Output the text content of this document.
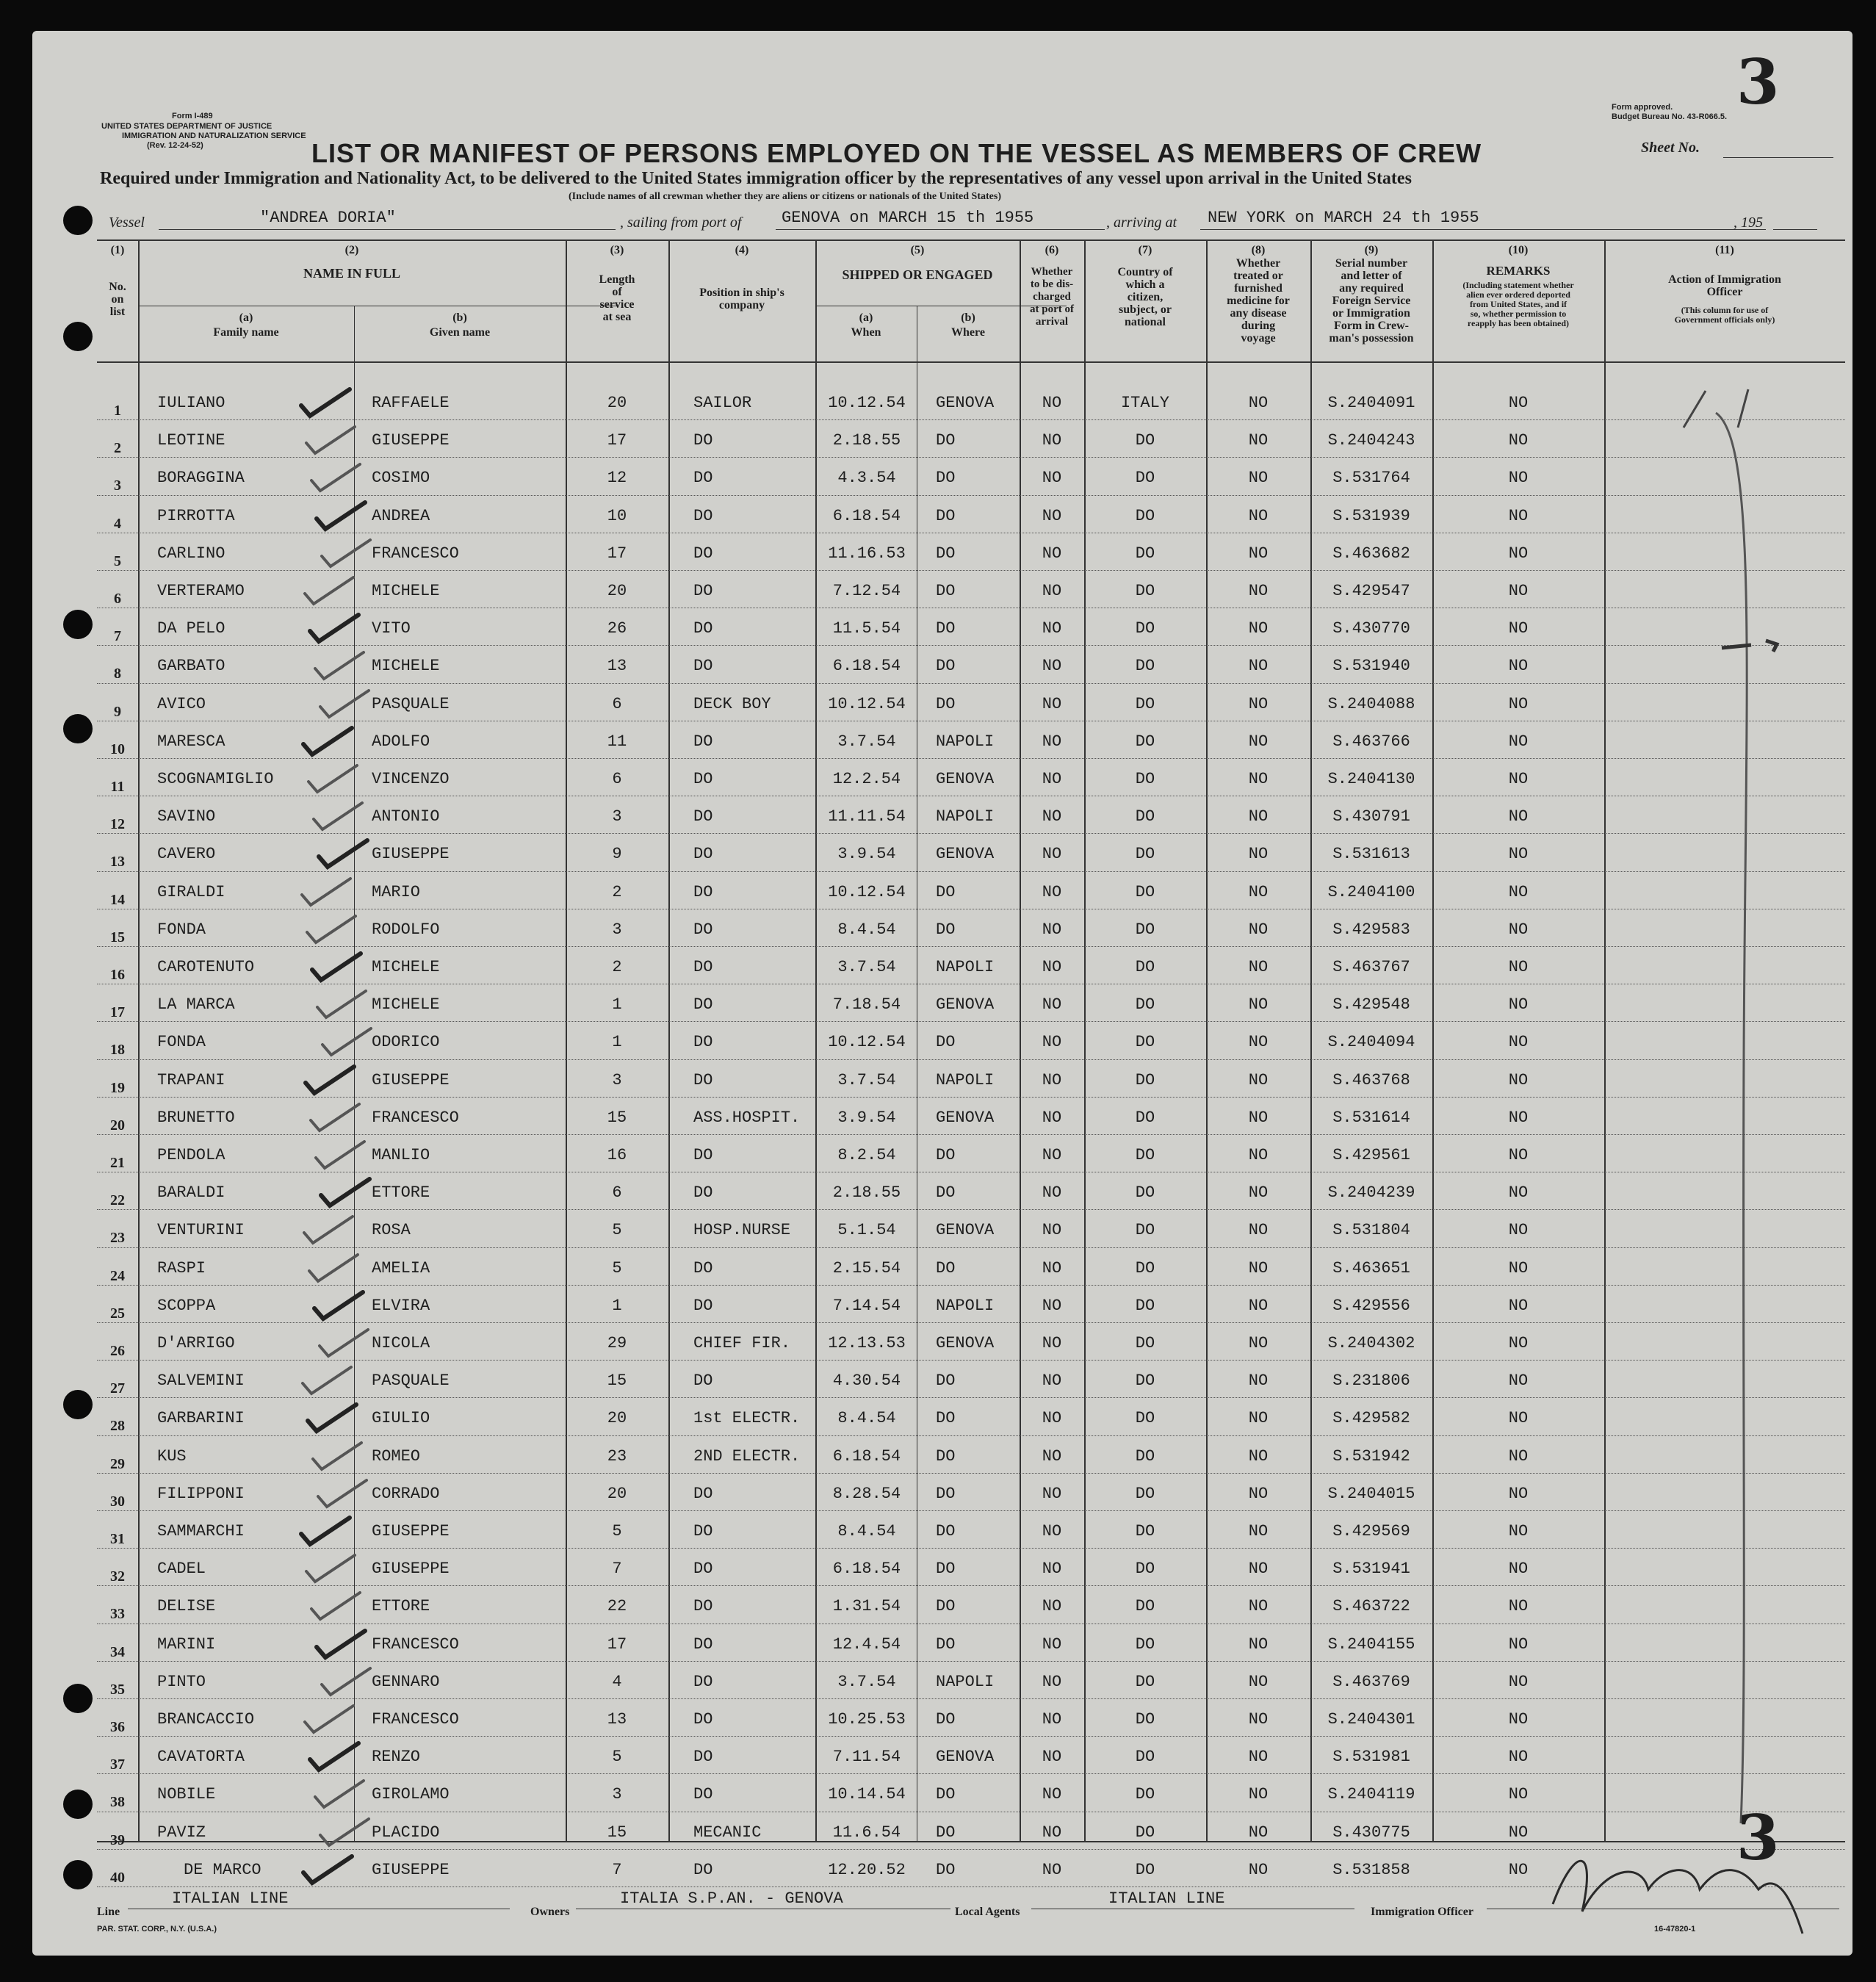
Form I-489
UNITED STATES DEPARTMENT OF JUSTICE
IMMIGRATION AND NATURALIZATION SERVICE
(Rev. 12-24-52)
Form approved.
Budget Bureau No. 43-R066.5. 3
LIST OR MANIFEST OF PERSONS EMPLOYED ON THE VESSEL AS MEMBERS OF CREW	Sheet No.
Required under Immigration and Nationality Act, to be delivered to the United States immigration officer by the representatives of any vessel upon arrival in the United States
(Include names of all crewman whether they are aliens or citizens or nationals of the United States)
Vessel	"ANDREA DORIA"	, sailing from port of GENOVA on MARCH 15 th 1955	, arriving at NEW YORK on MARCH 24 th 1955	, 195
(1)
No.
on
list
(2)
NAME IN FULL
(a)
Family name
(b)
Given name
(3)
Length
of
service
at sea
(4)
Position in ship's
company
(5)
SHIPPED OR ENGAGED
(a)
When
(b)
Where
(6)
Whether
to be dis-
charged
at port of
arrival
(7)
Country of
which a
citizen,
subject, or
national
(8)
Whether
treated or
furnished
medicine for
any disease
during
voyage
(9)
Serial number
and letter of
any required
Foreign Service
or Immigration
Form in Crew-
man's possession
(10)
REMARKS
(Including statement whether
alien ever ordered deported
from United States, and if
so, whether permission to
reapply has been obtained)
(11)
Action of Immigration
Officer
(This column for use of
Government officials only)
1	IULIANO	RAFFAELE	20	SAILOR	10.12.54	GENOVA	NO	ITALY	NO	S.2404091	NO
2	LEOTINE	GIUSEPPE	17	DO	2.18.55	DO	NO	DO	NO	S.2404243	NO
3	BORAGGINA	COSIMO	12	DO	4.3.54	DO	NO	DO	NO	S.531764	NO
4	PIRROTTA	ANDREA	10	DO	6.18.54	DO	NO	DO	NO	S.531939	NO
5	CARLINO	FRANCESCO	17	DO	11.16.53	DO	NO	DO	NO	S.463682	NO
6	VERTERAMO	MICHELE	20	DO	7.12.54	DO	NO	DO	NO	S.429547	NO
7	DA PELO	VITO	26	DO	11.5.54	DO	NO	DO	NO	S.430770	NO
8	GARBATO	MICHELE	13	DO	6.18.54	DO	NO	DO	NO	S.531940	NO
9	AVICO	PASQUALE	6	DECK BOY	10.12.54	DO	NO	DO	NO	S.2404088	NO
10	MARESCA	ADOLFO	11	DO	3.7.54	NAPOLI	NO	DO	NO	S.463766	NO
11	SCOGNAMIGLIO	VINCENZO	6	DO	12.2.54	GENOVA	NO	DO	NO	S.2404130	NO
12	SAVINO	ANTONIO	3	DO	11.11.54	NAPOLI	NO	DO	NO	S.430791	NO
13	CAVERO	GIUSEPPE	9	DO	3.9.54	GENOVA	NO	DO	NO	S.531613	NO
14	GIRALDI	MARIO	2	DO	10.12.54	DO	NO	DO	NO	S.2404100	NO
15	FONDA	RODOLFO	3	DO	8.4.54	DO	NO	DO	NO	S.429583	NO
16	CAROTENUTO	MICHELE	2	DO	3.7.54	NAPOLI	NO	DO	NO	S.463767	NO
17	LA MARCA	MICHELE	1	DO	7.18.54	GENOVA	NO	DO	NO	S.429548	NO
18	FONDA	ODORICO	1	DO	10.12.54	DO	NO	DO	NO	S.2404094	NO
19	TRAPANI	GIUSEPPE	3	DO	3.7.54	NAPOLI	NO	DO	NO	S.463768	NO
20	BRUNETTO	FRANCESCO	15	ASS.HOSPIT.	3.9.54	GENOVA	NO	DO	NO	S.531614	NO
21	PENDOLA	MANLIO	16	DO	8.2.54	DO	NO	DO	NO	S.429561	NO
22	BARALDI	ETTORE	6	DO	2.18.55	DO	NO	DO	NO	S.2404239	NO
23	VENTURINI	ROSA	5	HOSP.NURSE	5.1.54	GENOVA	NO	DO	NO	S.531804	NO
24	RASPI	AMELIA	5	DO	2.15.54	DO	NO	DO	NO	S.463651	NO
25	SCOPPA	ELVIRA	1	DO	7.14.54	NAPOLI	NO	DO	NO	S.429556	NO
26	D'ARRIGO	NICOLA	29	CHIEF FIR.	12.13.53	GENOVA	NO	DO	NO	S.2404302	NO
27	SALVEMINI	PASQUALE	15	DO	4.30.54	DO	NO	DO	NO	S.231806	NO
28	GARBARINI	GIULIO	20	1st ELECTR.	8.4.54	DO	NO	DO	NO	S.429582	NO
29	KUS	ROMEO	23	2ND ELECTR.	6.18.54	DO	NO	DO	NO	S.531942	NO
30	FILIPPONI	CORRADO	20	DO	8.28.54	DO	NO	DO	NO	S.2404015	NO
31	SAMMARCHI	GIUSEPPE	5	DO	8.4.54	DO	NO	DO	NO	S.429569	NO
32	CADEL	GIUSEPPE	7	DO	6.18.54	DO	NO	DO	NO	S.531941	NO
33	DELISE	ETTORE	22	DO	1.31.54	DO	NO	DO	NO	S.463722	NO
34	MARINI	FRANCESCO	17	DO	12.4.54	DO	NO	DO	NO	S.2404155	NO
35	PINTO	GENNARO	4	DO	3.7.54	NAPOLI	NO	DO	NO	S.463769	NO
36	BRANCACCIO	FRANCESCO	13	DO	10.25.53	DO	NO	DO	NO	S.2404301	NO
37	CAVATORTA	RENZO	5	DO	7.11.54	GENOVA	NO	DO	NO	S.531981	NO
38	NOBILE	GIROLAMO	3	DO	10.14.54	DO	NO	DO	NO	S.2404119	NO
39	PAVIZ	PLACIDO	15	MECANIC	11.6.54	DO	NO	DO	NO	S.430775	NO
40	DE MARCO	GIUSEPPE	7	DO	12.20.52	DO	NO	DO	NO	S.531858	NO	3
Line
ITALIAN LINE
Owners
ITALIA S.P.AN. - GENOVA
Local Agents
ITALIAN LINE
Immigration Officer
PAR. STAT. CORP., N.Y. (U.S.A.)	16-47820-1
